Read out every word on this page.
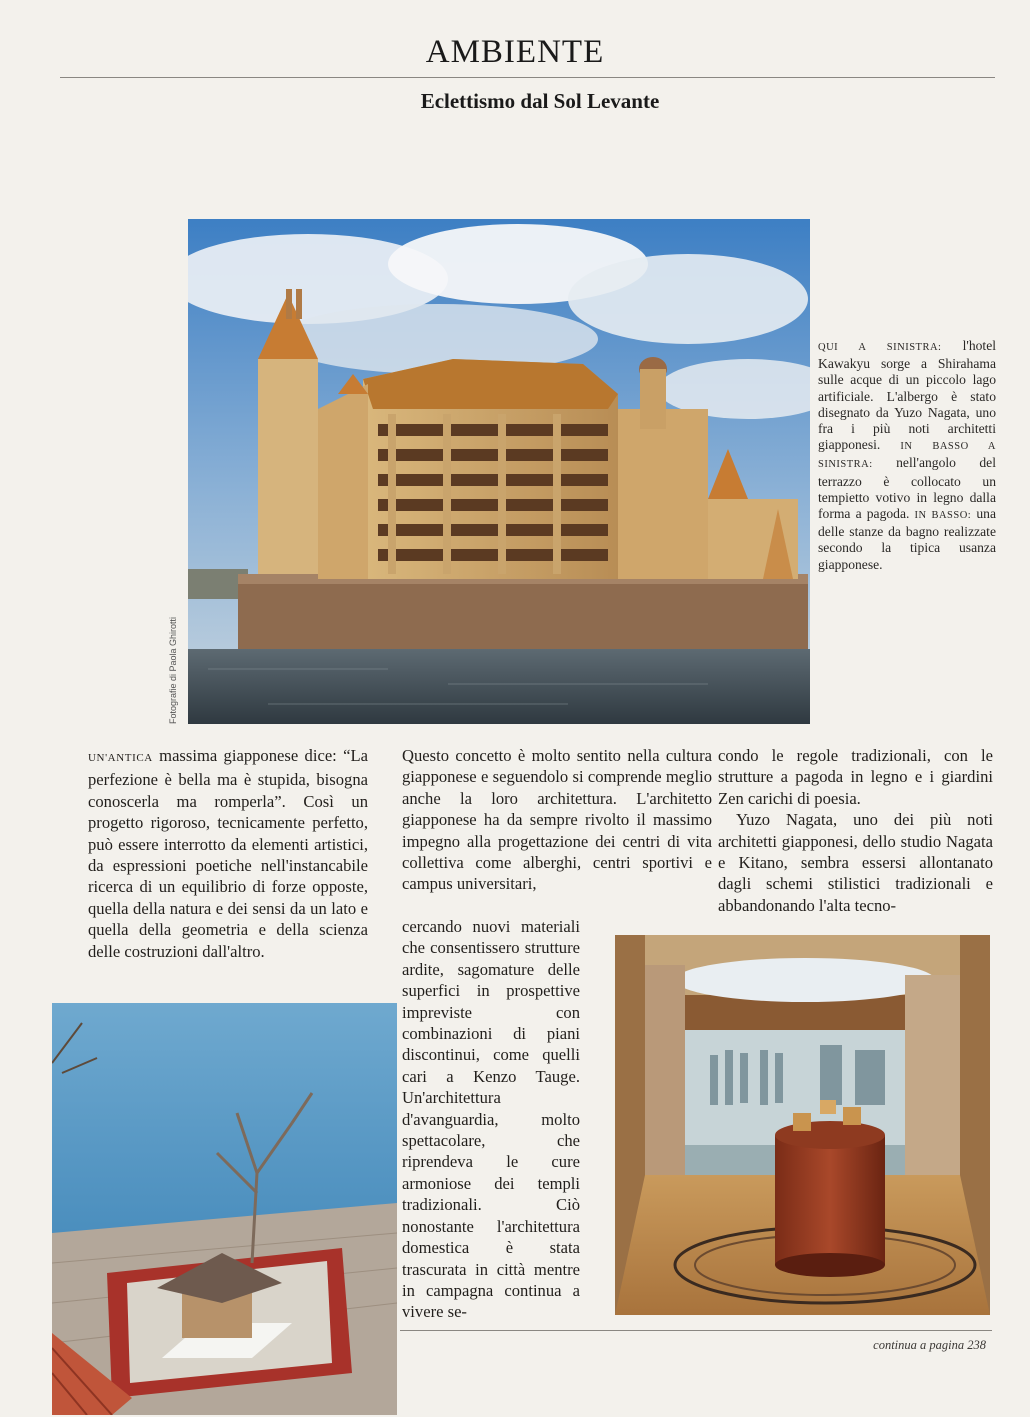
AMBIENTE
Eclettismo dal Sol Levante
Fotografie di Paola Ghirotti
QUI A SINISTRA: l'hotel Kawakyu sorge a Shirahama sulle acque di un piccolo lago artificiale. L'albergo è stato disegnato da Yuzo Nagata, uno fra i più noti architetti giapponesi. IN BASSO A SINISTRA: nell'angolo del terrazzo è collocato un tempietto votivo in legno dalla forma a pagoda. IN BASSO: una delle stanze da bagno realizzate secondo la tipica usanza giapponese.

UN'ANTICA massima giapponese dice: “La perfezione è bella ma è stupida, bisogna conoscerla ma romperla”. Così un progetto rigoroso, tecnicamente perfetto, può essere interrotto da elementi artistici, da espressioni poetiche nell'instancabile ricerca di un equilibrio di forze opposte, quella della natura e dei sensi da un lato e quella della geometria e della scienza delle costruzioni dall'altro.

Questo concetto è molto sentito nella cultura giapponese e seguendolo si comprende meglio anche la loro architettura. L'architetto giapponese ha da sempre rivolto il massimo impegno alla progettazione dei centri di vita collettiva come alberghi, centri sportivi e campus universitari,

cercando nuovi materiali che consentissero strutture ardite, sagomature delle superfici in prospettive impreviste con combinazioni di piani discontinui, come quelli cari a Kenzo Tauge. Un'architettura d'avanguardia, molto spettacolare, che riprendeva le cure armoniose dei templi tradizionali. Ciò nonostante l'architettura domestica è stata trascurata in città mentre in campagna continua a vivere se-

condo le regole tradizionali, con le strutture a pagoda in legno e i giardini Zen carichi di poesia.

Yuzo Nagata, uno dei più noti architetti giapponesi, dello studio Nagata e Kitano, sembra essersi allontanato dagli schemi stilistici tradizionali e abbandonando l'alta tecno-

continua a pagina 238
